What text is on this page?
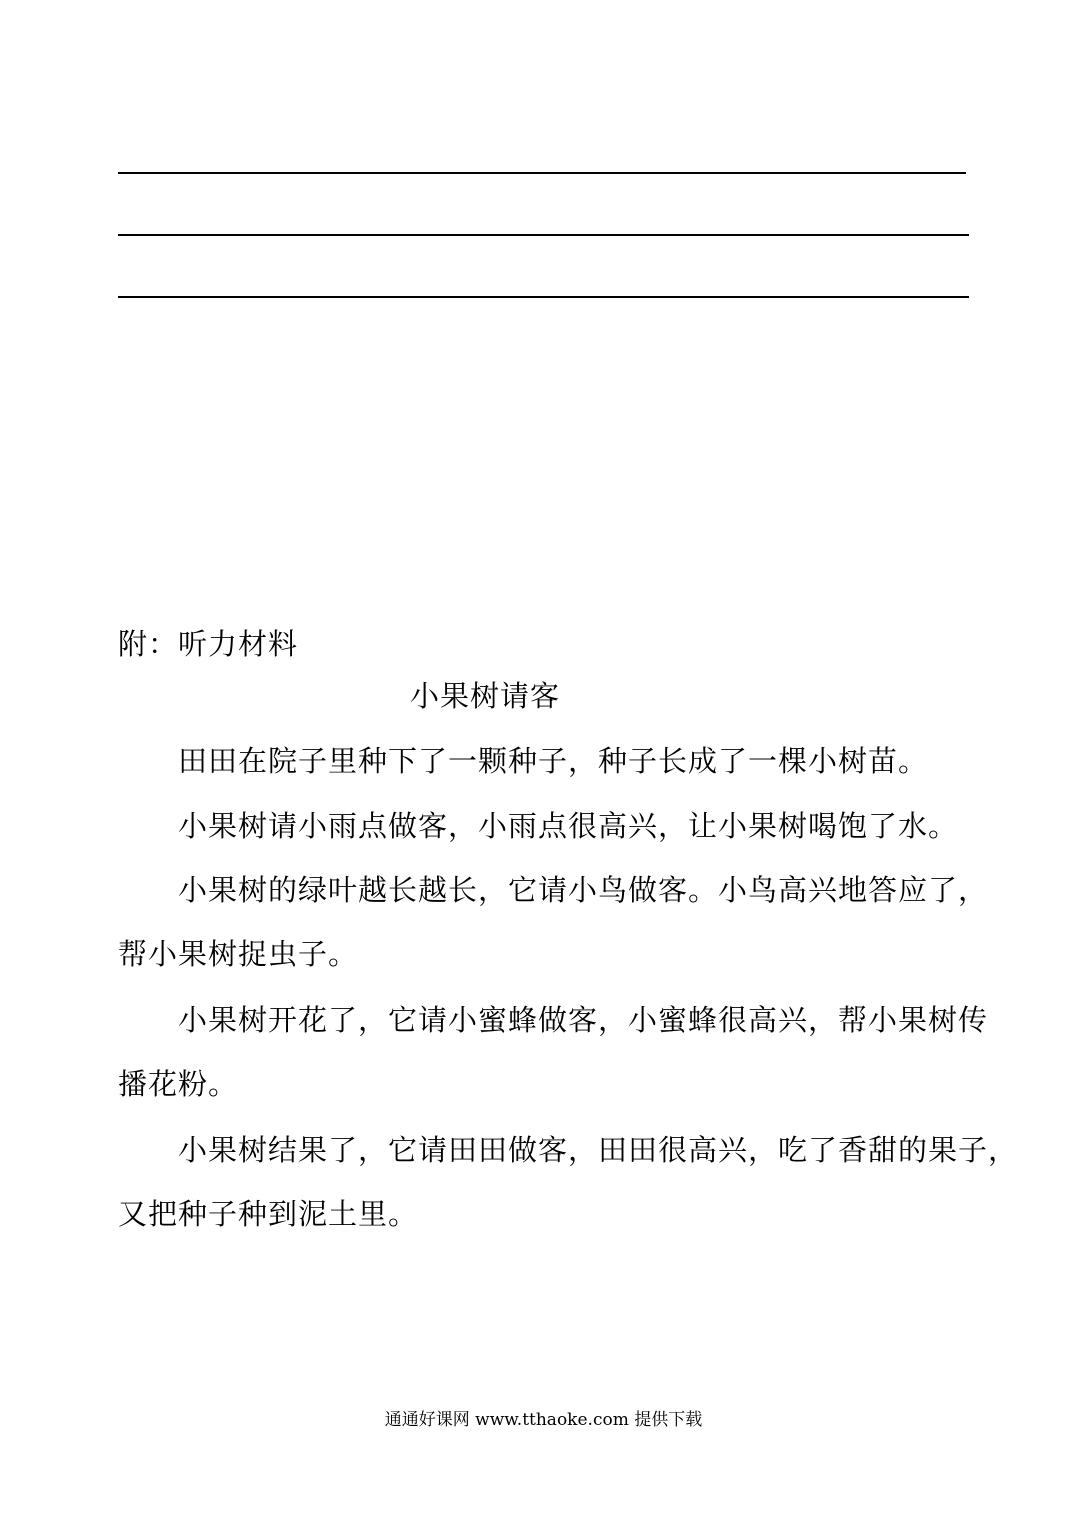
附：听力材料
小果树请客
田田在院子里种下了一颗种子，种子长成了一棵小树苗。
小果树请小雨点做客，小雨点很高兴，让小果树喝饱了水。
小果树的绿叶越长越长，它请小鸟做客。小鸟高兴地答应了，
帮小果树捉虫子。
小果树开花了，它请小蜜蜂做客，小蜜蜂很高兴，帮小果树传
播花粉。
小果树结果了，它请田田做客，田田很高兴，吃了香甜的果子，
又把种子种到泥土里。
通通好课网 www.tthaoke.com 提供下载
